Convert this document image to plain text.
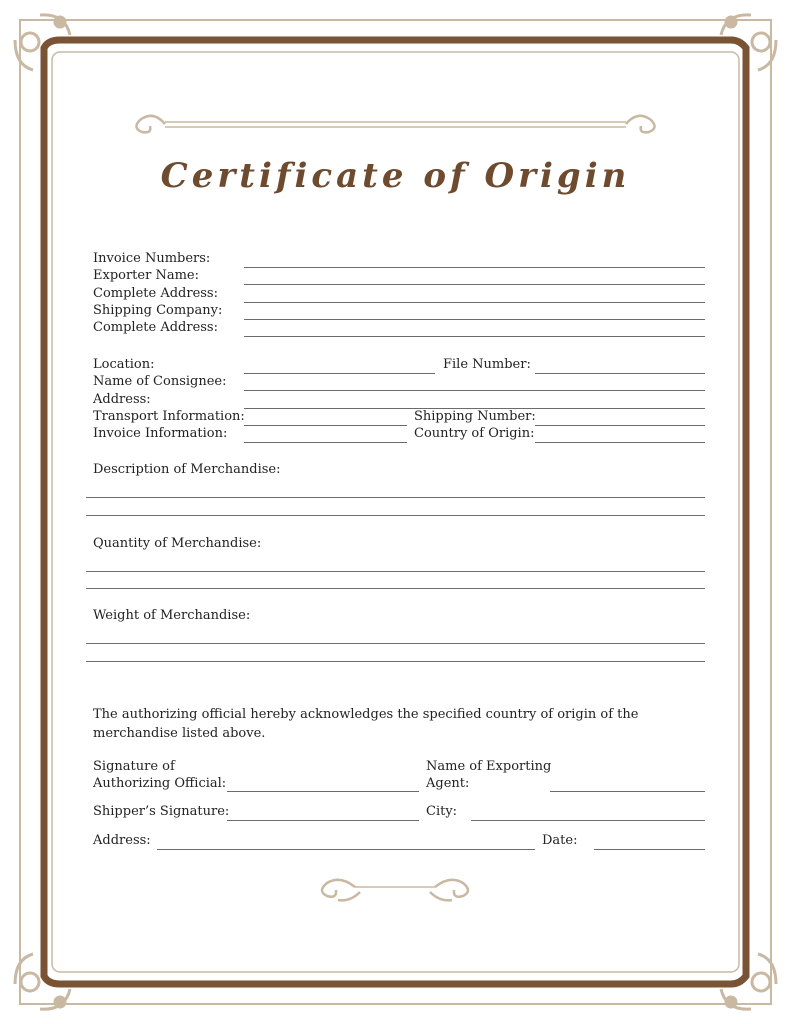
Certificate of Origin
Invoice Numbers:
Exporter Name:
Complete Address:
Shipping Company:
Complete Address:
Location:	File Number:
Name of Consignee:
Address:
Transport Information:	Shipping Number:
Invoice Information:	Country of Origin:
Description of Merchandise:
Quantity of Merchandise:
Weight of Merchandise:
The authorizing official hereby acknowledges the specified country of origin of the merchandise listed above.
Signature of
Authorizing Official:
Name of Exporting
Agent:
Shipper’s Signature:	City:
Address:	Date:
